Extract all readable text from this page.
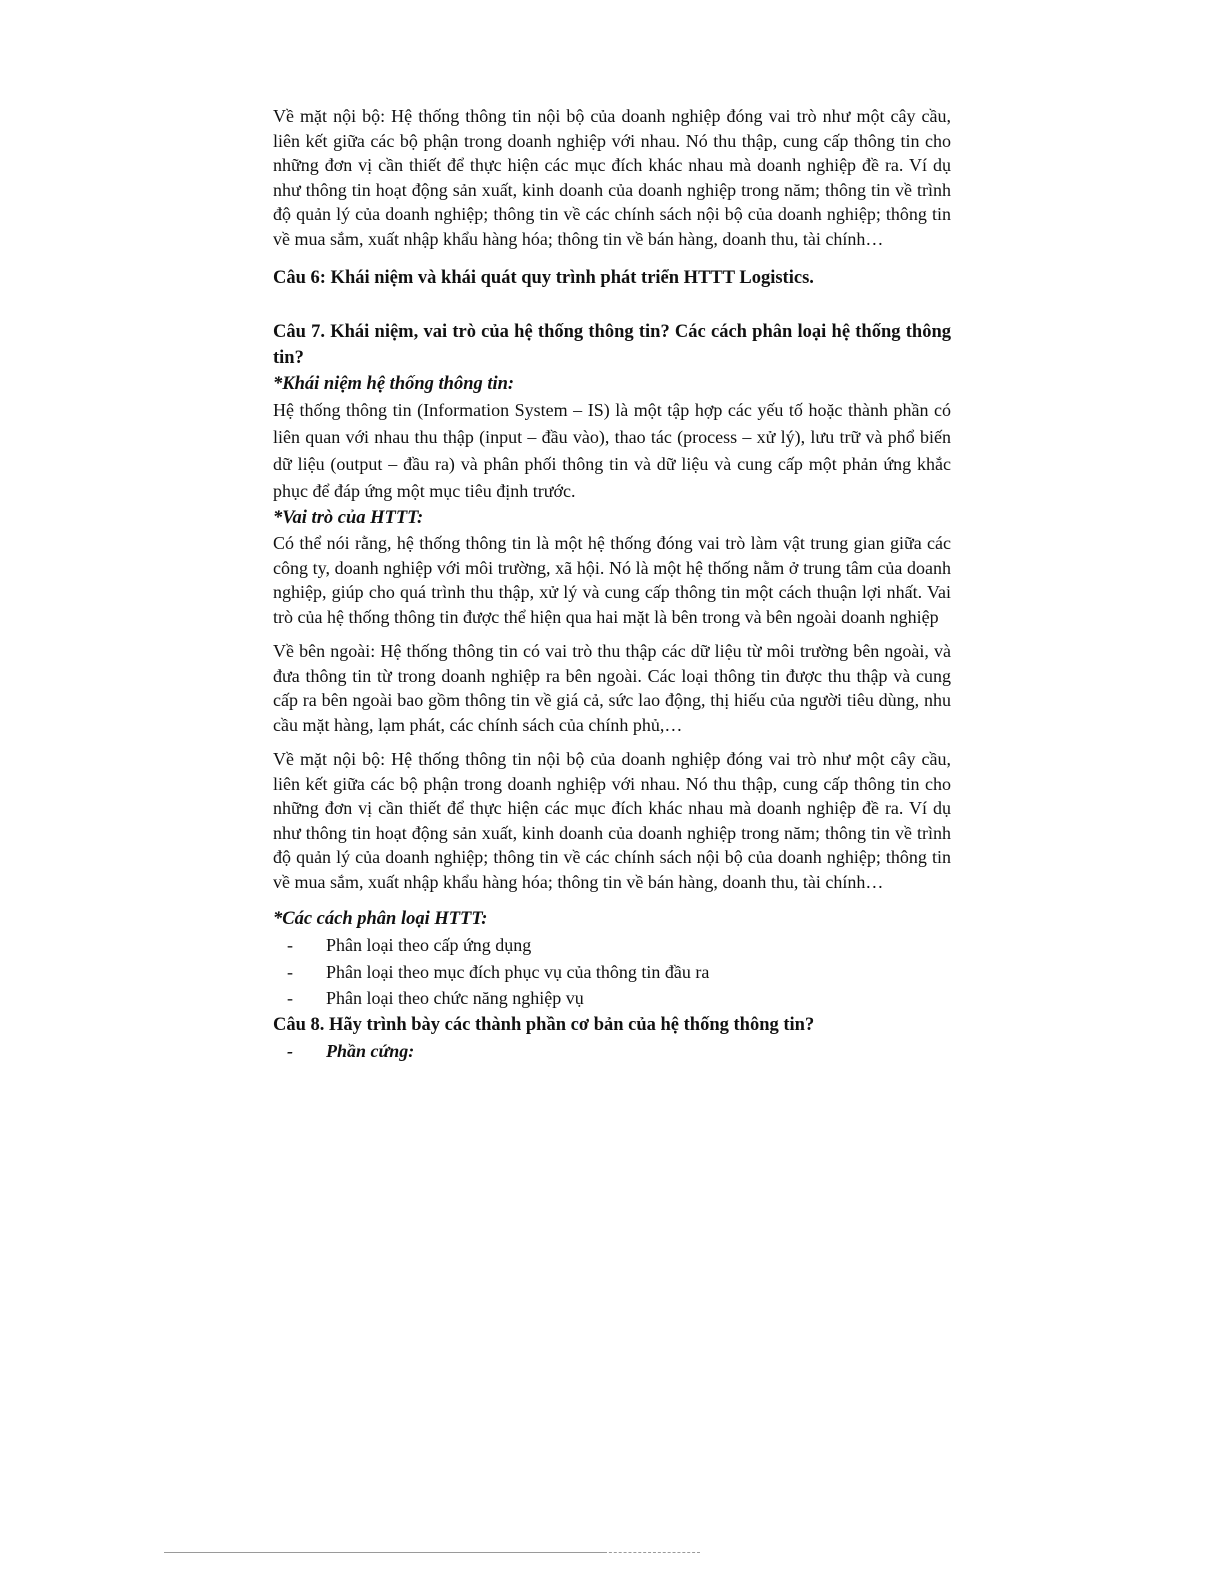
Về mặt nội bộ: Hệ thống thông tin nội bộ của doanh nghiệp đóng vai trò như một cây cầu, liên kết giữa các bộ phận trong doanh nghiệp với nhau. Nó thu thập, cung cấp thông tin cho những đơn vị cần thiết để thực hiện các mục đích khác nhau mà doanh nghiệp đề ra. Ví dụ như thông tin hoạt động sản xuất, kinh doanh của doanh nghiệp trong năm; thông tin về trình độ quản lý của doanh nghiệp; thông tin về các chính sách nội bộ của doanh nghiệp; thông tin về mua sắm, xuất nhập khẩu hàng hóa; thông tin về bán hàng, doanh thu, tài chính…

Câu 6: Khái niệm và khái quát quy trình phát triển HTTT Logistics.

Câu 7. Khái niệm, vai trò của hệ thống thông tin? Các cách phân loại hệ thống thông tin?

*Khái niệm hệ thống thông tin:

Hệ thống thông tin (Information System – IS) là một tập hợp các yếu tố hoặc thành phần có liên quan với nhau thu thập (input – đầu vào), thao tác (process – xử lý), lưu trữ và phổ biến dữ liệu (output – đầu ra) và phân phối thông tin và dữ liệu và cung cấp một phản ứng khắc phục để đáp ứng một mục tiêu định trước.

*Vai trò của HTTT:

Có thể nói rằng, hệ thống thông tin là một hệ thống đóng vai trò làm vật trung gian giữa các công ty, doanh nghiệp với môi trường, xã hội. Nó là một hệ thống nằm ở trung tâm của doanh nghiệp, giúp cho quá trình thu thập, xử lý và cung cấp thông tin một cách thuận lợi nhất. Vai trò của hệ thống thông tin được thể hiện qua hai mặt là bên trong và bên ngoài doanh nghiệp

Về bên ngoài: Hệ thống thông tin có vai trò thu thập các dữ liệu từ môi trường bên ngoài, và đưa thông tin từ trong doanh nghiệp ra bên ngoài. Các loại thông tin được thu thập và cung cấp ra bên ngoài bao gồm thông tin về giá cả, sức lao động, thị hiếu của người tiêu dùng, nhu cầu mặt hàng, lạm phát, các chính sách của chính phủ,…

Về mặt nội bộ: Hệ thống thông tin nội bộ của doanh nghiệp đóng vai trò như một cây cầu, liên kết giữa các bộ phận trong doanh nghiệp với nhau. Nó thu thập, cung cấp thông tin cho những đơn vị cần thiết để thực hiện các mục đích khác nhau mà doanh nghiệp đề ra. Ví dụ như thông tin hoạt động sản xuất, kinh doanh của doanh nghiệp trong năm; thông tin về trình độ quản lý của doanh nghiệp; thông tin về các chính sách nội bộ của doanh nghiệp; thông tin về mua sắm, xuất nhập khẩu hàng hóa; thông tin về bán hàng, doanh thu, tài chính…

*Các cách phân loại HTTT:

- Phân loại theo cấp ứng dụng
- Phân loại theo mục đích phục vụ của thông tin đầu ra
- Phân loại theo chức năng nghiệp vụ

Câu 8. Hãy trình bày các thành phần cơ bản của hệ thống thông tin?

- Phần cứng:
